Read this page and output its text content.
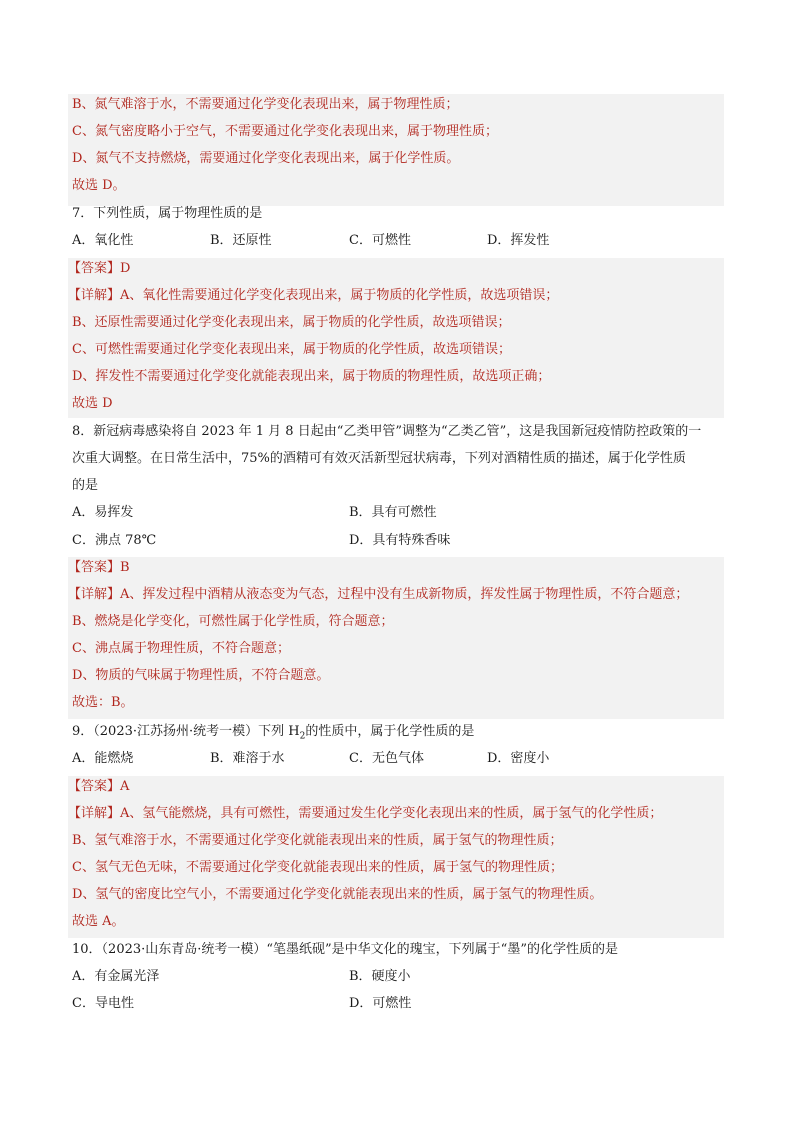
B、氮气难溶于水，不需要通过化学变化表现出来，属于物理性质；
C、氮气密度略小于空气，不需要通过化学变化表现出来，属于物理性质；
D、氮气不支持燃烧，需要通过化学变化表现出来，属于化学性质。
故选 D。
7．下列性质，属于物理性质的是
A．氧化性	B．还原性	C．可燃性	D．挥发性
【答案】D
【详解】A、氧化性需要通过化学变化表现出来，属于物质的化学性质，故选项错误；
B、还原性需要通过化学变化表现出来，属于物质的化学性质，故选项错误；
C、可燃性需要通过化学变化表现出来，属于物质的化学性质，故选项错误；
D、挥发性不需要通过化学变化就能表现出来，属于物质的物理性质，故选项正确；
故选 D
8．新冠病毒感染将自 2023 年 1 月 8 日起由“乙类甲管”调整为“乙类乙管”，这是我国新冠疫情防控政策的一
次重大调整。在日常生活中，75%的酒精可有效灭活新型冠状病毒，下列对酒精性质的描述，属于化学性质
的是
A．易挥发	B．具有可燃性
C．沸点 78℃	D．具有特殊香味
【答案】B
【详解】A、挥发过程中酒精从液态变为气态，过程中没有生成新物质，挥发性属于物理性质，不符合题意；
B、燃烧是化学变化，可燃性属于化学性质，符合题意；
C、沸点属于物理性质，不符合题意；
D、物质的气味属于物理性质，不符合题意。
故选：B。
9．（2023·江苏扬州·统考一模）下列 $H_2$的性质中，属于化学性质的是
A．能燃烧	B．难溶于水	C．无色气体	D．密度小
【答案】A
【详解】A、氢气能燃烧，具有可燃性，需要通过发生化学变化表现出来的性质，属于氢气的化学性质；
B、氢气难溶于水，不需要通过化学变化就能表现出来的性质，属于氢气的物理性质；
C、氢气无色无味，不需要通过化学变化就能表现出来的性质，属于氢气的物理性质；
D、氢气的密度比空气小，不需要通过化学变化就能表现出来的性质，属于氢气的物理性质。
故选 A。
10．（2023·山东青岛·统考一模）“笔墨纸砚”是中华文化的瑰宝，下列属于“墨”的化学性质的是
A．有金属光泽	B．硬度小
C．导电性	D．可燃性
